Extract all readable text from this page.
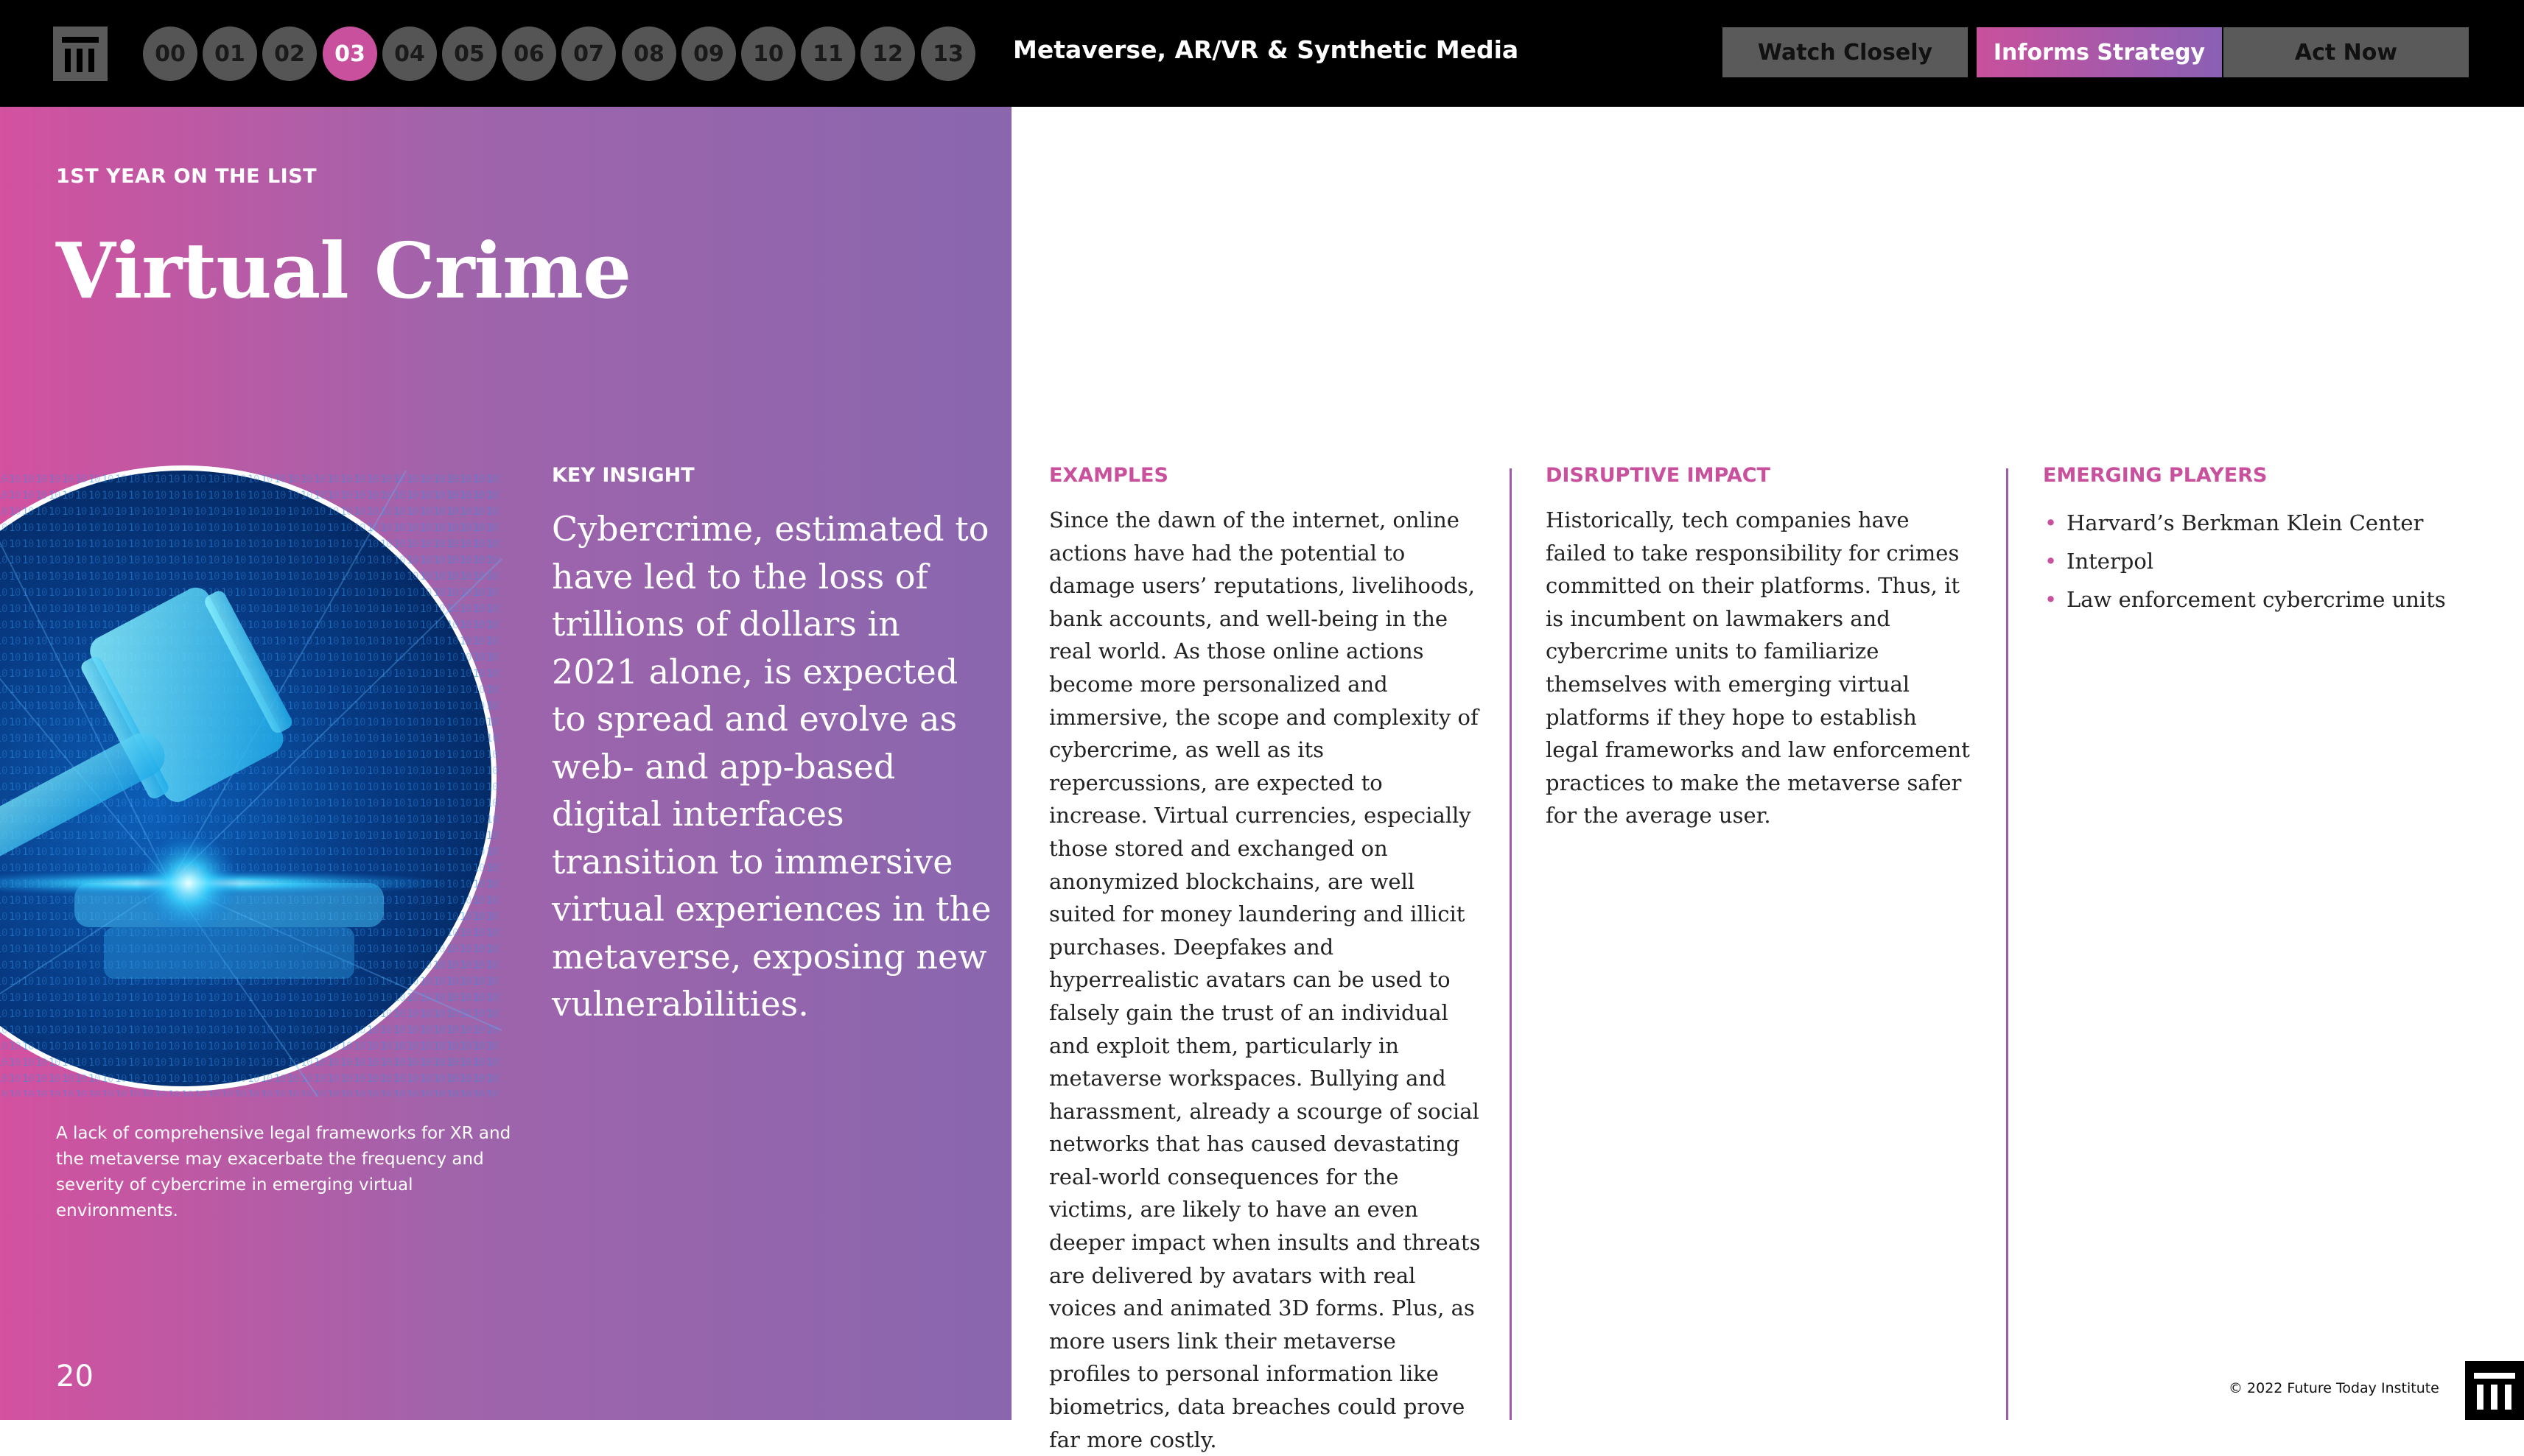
00	01	02	03	04	05	06	07	08	09	10	11	12	13	Metaverse, AR/VR & Synthetic Media	Watch Closely	Informs Strategy	Act Now
1ST YEAR ON THE LIST
Virtual Crime
A lack of comprehensive legal frameworks for XR and the metaverse may exacerbate the frequency and severity of cybercrime in emerging virtual environments.
KEY INSIGHT
Cybercrime, estimated to have led to the loss of trillions of dollars in 2021 alone, is expected to spread and evolve as web- and app-based digital interfaces transition to immersive virtual experiences in the metaverse, exposing new vulnerabilities.
20
EXAMPLES
Since the dawn of the internet, online actions have had the potential to damage users’ reputations, livelihoods, bank accounts, and well-being in the real world. As those online actions become more personalized and immersive, the scope and complexity of cybercrime, as well as its repercussions, are expected to increase. Virtual currencies, especially those stored and exchanged on anonymized blockchains, are well suited for money laundering and illicit purchases. Deepfakes and hyperrealistic avatars can be used to falsely gain the trust of an individual and exploit them, particularly in metaverse workspaces. Bullying and harassment, already a scourge of social networks that has caused devastating real-world consequences for the victims, are likely to have an even deeper impact when insults and threats are delivered by avatars with real voices and animated 3D forms. Plus, as more users link their metaverse profiles to personal information like biometrics, data breaches could prove far more costly.
DISRUPTIVE IMPACT
Historically, tech companies have failed to take responsibility for crimes committed on their platforms. Thus, it is incumbent on lawmakers and cybercrime units to familiarize themselves with emerging virtual platforms if they hope to establish legal frameworks and law enforcement practices to make the metaverse safer for the average user.
EMERGING PLAYERS
• Harvard’s Berkman Klein Center
• Interpol
• Law enforcement cybercrime units
© 2022 Future Today Institute
